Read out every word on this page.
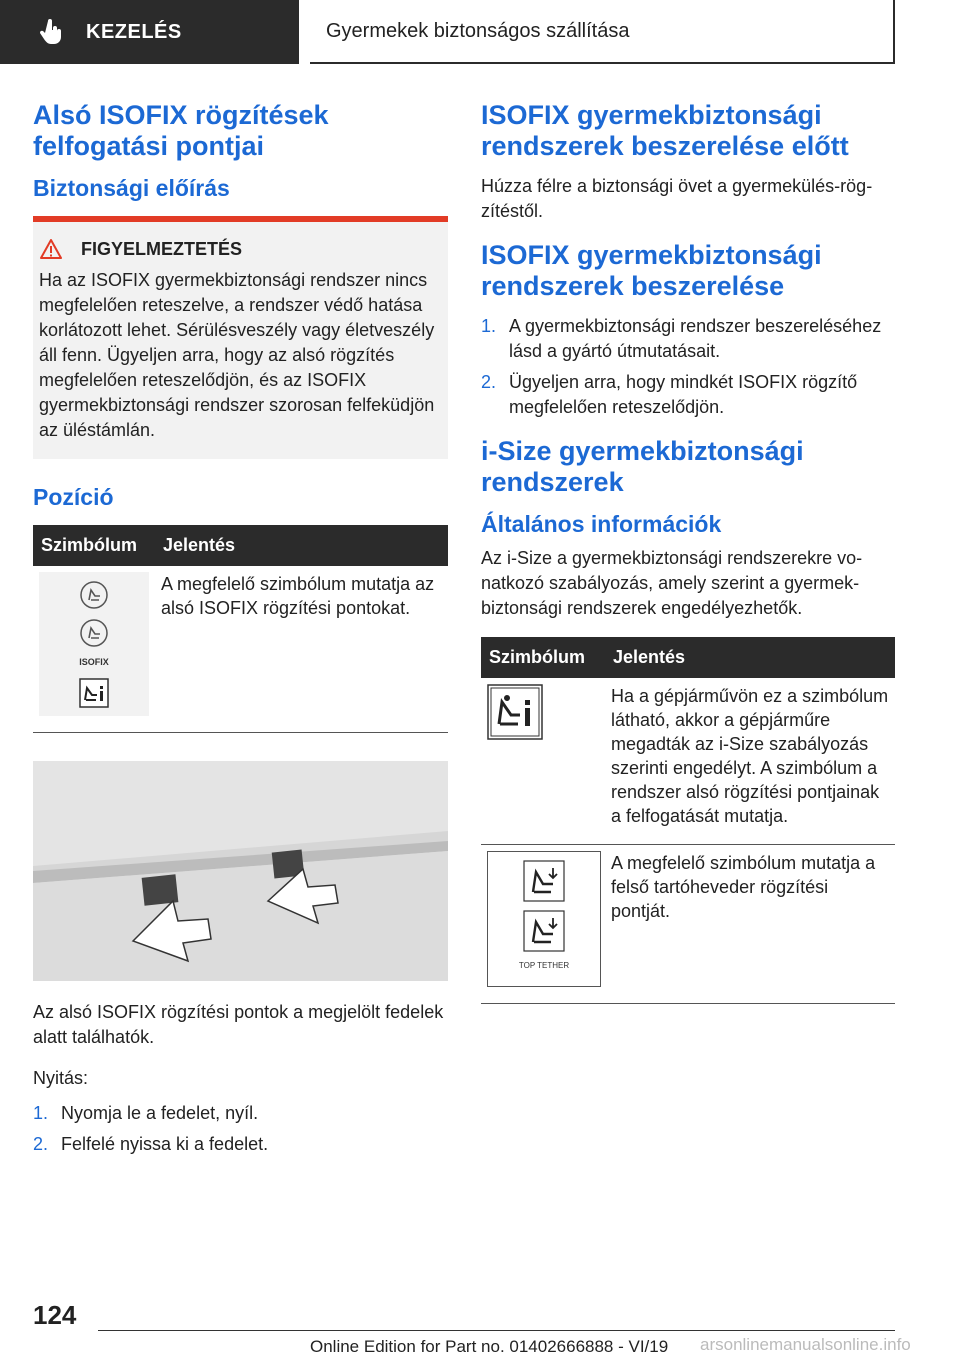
KEZELÉS	Gyermekek biztonságos szállítása
Alsó ISOFIX rögzítések felfogatási pontjai
Biztonsági előírás
FIGYELMEZTETÉS

Ha az ISOFIX gyermekbiztonsági rendszer nincs megfelelően reteszelve, a rendszer védő hatása korlátozott lehet. Sérülésveszély vagy életveszély áll fenn. Ügyeljen arra, hogy az alsó rögzítés megfelelően reteszelődjön, és az ISOFIX gyermekbiztonsági rendszer szorosan felfeküdjön az üléstámlán.

Pozíció
Szimbólum	Jelentés

ISOFIX	A megfelelő szimbólum mutatja az alsó ISOFIX rögzítési pontokat.

Az alsó ISOFIX rögzítési pontok a megjelölt fedelek alatt találhatók.

Nyitás:

1. Nyomja le a fedelet, nyíl.
2. Felfelé nyissa ki a fedelet.
ISOFIX gyermekbiztonsági rendszerek beszerelése előtt

Húzza félre a biztonsági övet a gyermekülés-rögzítéstől.

ISOFIX gyermekbiztonsági rendszerek beszerelése
1. A gyermekbiztonsági rendszer beszereléséhez lásd a gyártó útmutatásait.
2. Ügyeljen arra, hogy mindkét ISOFIX rögzítő megfelelően reteszelődjön.
i-Size gyermekbiztonsági rendszerek
Általános információk

Az i-Size a gyermekbiztonsági rendszerekre vonatkozó szabályozás, amely szerint a gyermekbiztonsági rendszerek engedélyezhetők.

Szimbólum	Jelentés
	Ha a gépjárművön ez a szimbólum látható, akkor a gépjárműre megadták az i-Size szabályozás szerinti engedélyt. A szimbólum a rendszer alsó rögzítési pontjainak a felfogatását mutatja.

TOP TETHER	A megfelelő szimbólum mutatja a felső tartóheveder rögzítési pontját.
124
Online Edition for Part no. 01402666888 - VI/19 arsonlinemanualsonline.info
